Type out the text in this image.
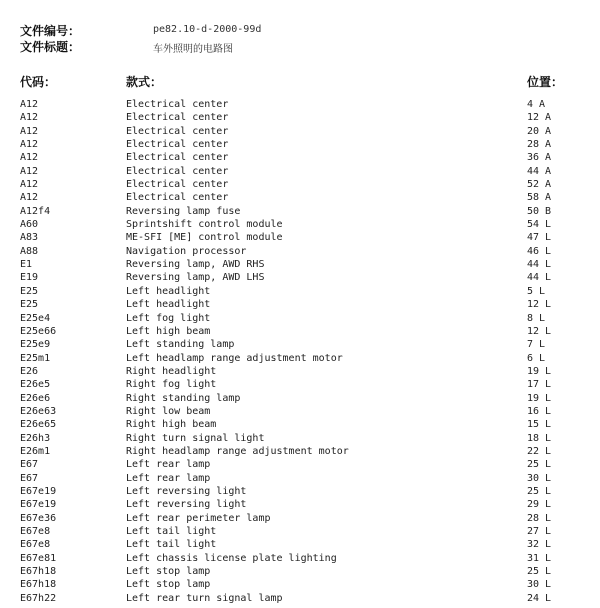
文件编号：	pe82.10-d-2000-99d
文件标题：	车外照明的电路图
代码：	款式：	位置：
A12	Electrical center	4 A
A12	Electrical center	12 A
A12	Electrical center	20 A
A12	Electrical center	28 A
A12	Electrical center	36 A
A12	Electrical center	44 A
A12	Electrical center	52 A
A12	Electrical center	58 A
A12f4	Reversing lamp fuse	50 B
A60	Sprintshift control module	54 L
A83	ME-SFI [ME] control module	47 L
A88	Navigation processor	46 L
E1	Reversing lamp, AWD RHS	44 L
E19	Reversing lamp, AWD LHS	44 L
E25	Left headlight	5 L
E25	Left headlight	12 L
E25e4	Left fog light	8 L
E25e66	Left high beam	12 L
E25e9	Left standing lamp	7 L
E25m1	Left headlamp range adjustment motor	6 L
E26	Right headlight	19 L
E26e5	Right fog light	17 L
E26e6	Right standing lamp	19 L
E26e63	Right low beam	16 L
E26e65	Right high beam	15 L
E26h3	Right turn signal light	18 L
E26m1	Right headlamp range adjustment motor	22 L
E67	Left rear lamp	25 L
E67	Left rear lamp	30 L
E67e19	Left reversing light	25 L
E67e19	Left reversing light	29 L
E67e36	Left rear perimeter lamp	28 L
E67e8	Left tail light	27 L
E67e8	Left tail light	32 L
E67e81	Left chassis license plate lighting	31 L
E67h18	Left stop lamp	25 L
E67h18	Left stop lamp	30 L
E67h22	Left rear turn signal lamp	24 L
